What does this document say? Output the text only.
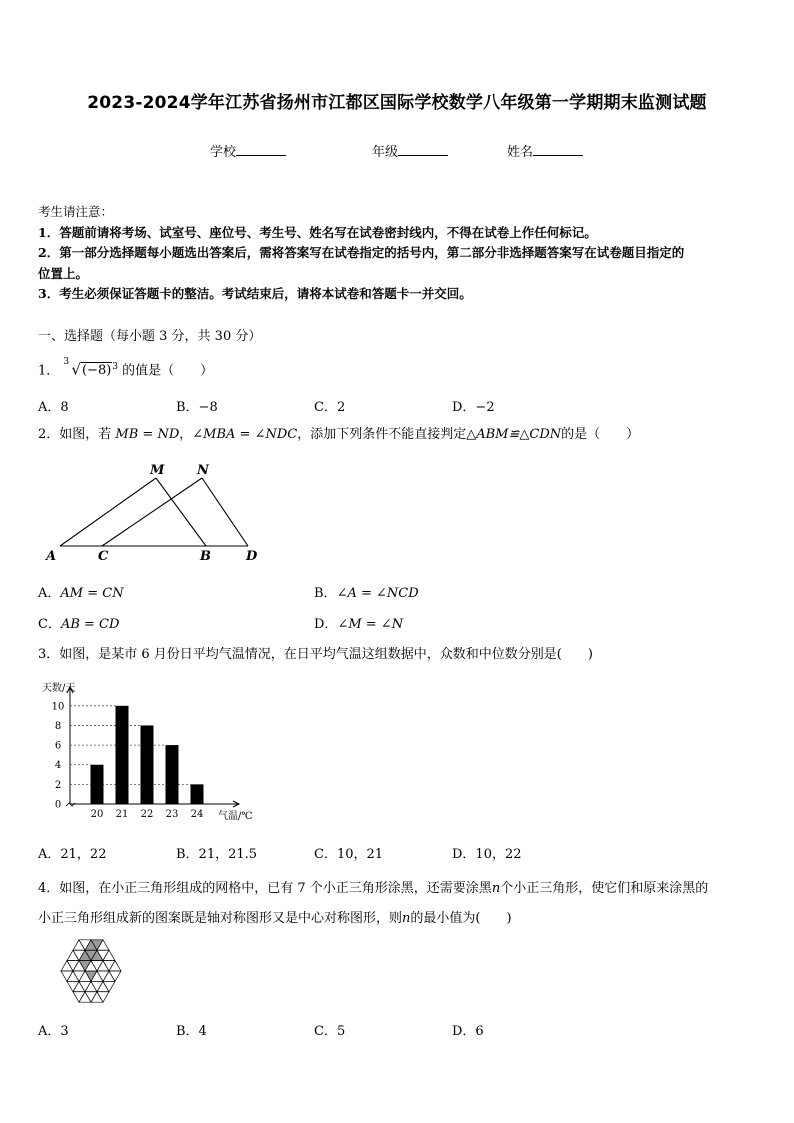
2023-2024学年江苏省扬州市江都区国际学校数学八年级第一学期期末监测试题
学校	年级	姓名
考生请注意：
1．答题前请将考场、试室号、座位号、考生号、姓名写在试卷密封线内，不得在试卷上作任何标记。
2．第一部分选择题每小题选出答案后，需将答案写在试卷指定的括号内，第二部分非选择题答案写在试卷题目指定的
位置上。
3．考生必须保证答题卡的整洁。考试结束后，请将本试卷和答题卡一并交回。
一、选择题（每小题 3 分，共 30 分）
1．
3 $√(-8)^3$ 的值是（　　）
A．8	B．−8	C．2	D．−2
2．如图，若 MB = ND，∠MBA = ∠NDC，添加下列条件不能直接判定△ABM≌△CDN的是（　　）
M	N
A	C	B	D
A．AM = CN	B．∠A = ∠NCD
C．AB = CD	D．∠M = ∠N
3．如图，是某市 6 月份日平均气温情况，在日平均气温这组数据中，众数和中位数分别是(　　)
0
2
4
6
8
10
20 21 22 23 24
天数/天
气温/℃
A．21，22	B．21，21.5	C．10，21	D．10，22
4．如图，在小正三角形组成的网格中，已有 7 个小正三角形涂黑，还需要涂黑n个小正三角形，使它们和原来涂黑的
小正三角形组成新的图案既是轴对称图形又是中心对称图形，则n的最小值为(　　)
A．3	B．4	C．5	D．6
